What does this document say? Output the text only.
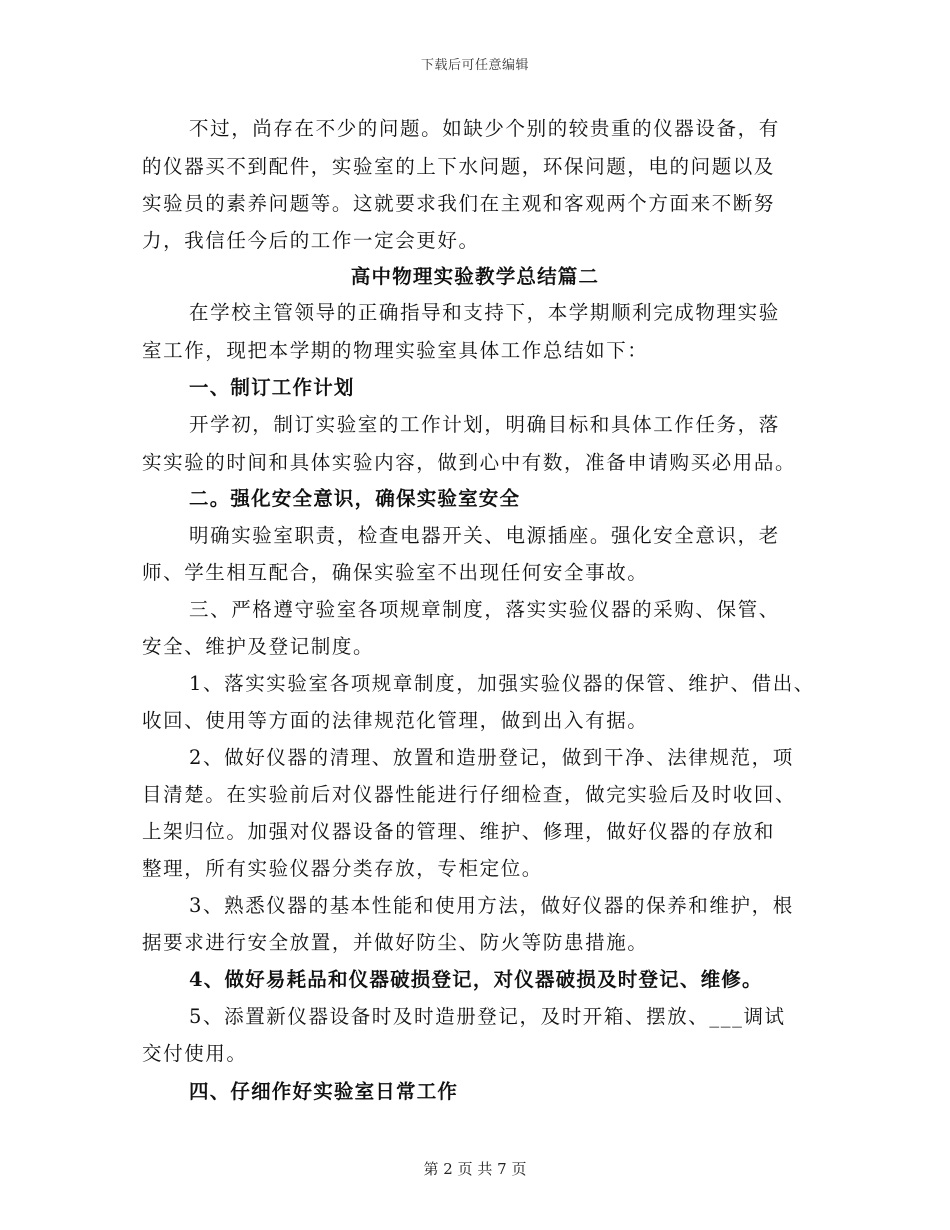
下载后可任意编辑
不过，尚存在不少的问题。如缺少个别的较贵重的仪器设备，有
的仪器买不到配件，实验室的上下水问题，环保问题，电的问题以及
实验员的素养问题等。这就要求我们在主观和客观两个方面来不断努
力，我信任今后的工作一定会更好。
高中物理实验教学总结篇二
在学校主管领导的正确指导和支持下，本学期顺利完成物理实验
室工作，现把本学期的物理实验室具体工作总结如下：
一、制订工作计划
开学初，制订实验室的工作计划，明确目标和具体工作任务，落
实实验的时间和具体实验内容，做到心中有数，准备申请购买必用品。
二。强化安全意识，确保实验室安全
明确实验室职责，检查电器开关、电源插座。强化安全意识，老
师、学生相互配合，确保实验室不出现任何安全事故。
三、严格遵守验室各项规章制度，落实实验仪器的采购、保管、
安全、维护及登记制度。
1、落实实验室各项规章制度，加强实验仪器的保管、维护、借出、
收回、使用等方面的法律规范化管理，做到出入有据。
2、做好仪器的清理、放置和造册登记，做到干净、法律规范，项
目清楚。在实验前后对仪器性能进行仔细检查，做完实验后及时收回、
上架归位。加强对仪器设备的管理、维护、修理，做好仪器的存放和
整理，所有实验仪器分类存放，专柜定位。
3、熟悉仪器的基本性能和使用方法，做好仪器的保养和维护，根
据要求进行安全放置，并做好防尘、防火等防患措施。
4、做好易耗品和仪器破损登记，对仪器破损及时登记、维修。
5、添置新仪器设备时及时造册登记，及时开箱、摆放、___调试
交付使用。
四、仔细作好实验室日常工作
第 2 页 共 7 页
